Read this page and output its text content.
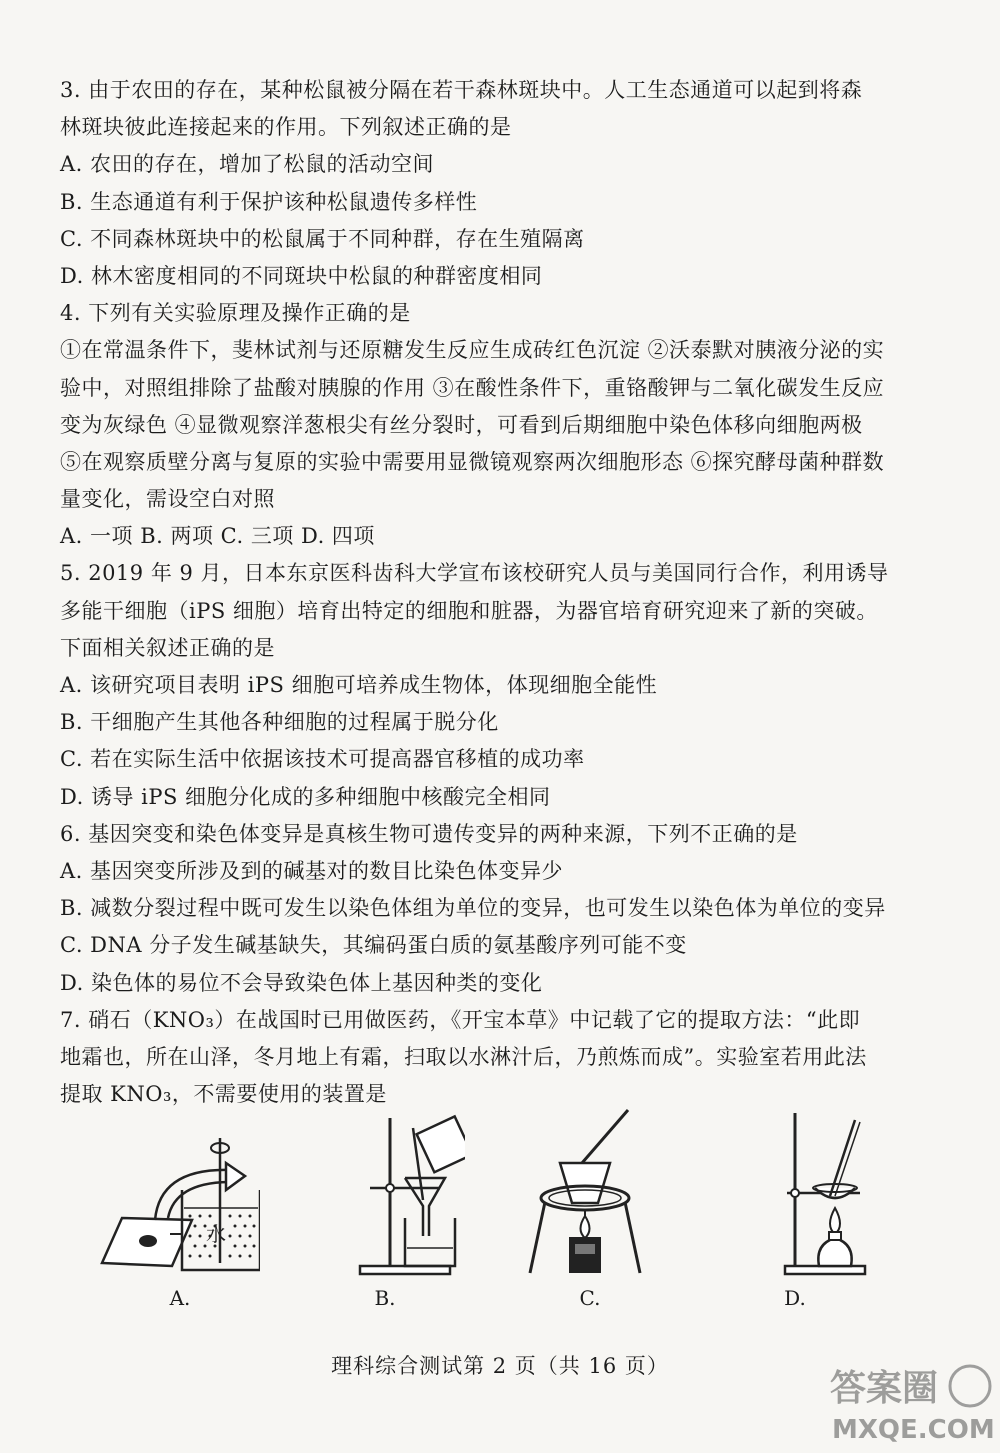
3. 由于农田的存在，某种松鼠被分隔在若干森林斑块中。人工生态通道可以起到将森
林斑块彼此连接起来的作用。下列叙述正确的是
A. 农田的存在，增加了松鼠的活动空间
B. 生态通道有利于保护该种松鼠遗传多样性
C. 不同森林斑块中的松鼠属于不同种群，存在生殖隔离
D. 林木密度相同的不同斑块中松鼠的种群密度相同
4. 下列有关实验原理及操作正确的是
①在常温条件下，斐林试剂与还原糖发生反应生成砖红色沉淀 ②沃泰默对胰液分泌的实
验中，对照组排除了盐酸对胰腺的作用 ③在酸性条件下，重铬酸钾与二氧化碳发生反应
变为灰绿色 ④显微观察洋葱根尖有丝分裂时，可看到后期细胞中染色体移向细胞两极
⑤在观察质壁分离与复原的实验中需要用显微镜观察两次细胞形态 ⑥探究酵母菌种群数
量变化，需设空白对照
A. 一项 B. 两项 C. 三项 D. 四项
5. 2019 年 9 月，日本东京医科齿科大学宣布该校研究人员与美国同行合作，利用诱导
多能干细胞（iPS 细胞）培育出特定的细胞和脏器，为器官培育研究迎来了新的突破。
下面相关叙述正确的是
A. 该研究项目表明 iPS 细胞可培养成生物体，体现细胞全能性
B. 干细胞产生其他各种细胞的过程属于脱分化
C. 若在实际生活中依据该技术可提高器官移植的成功率
D. 诱导 iPS 细胞分化成的多种细胞中核酸完全相同
6. 基因突变和染色体变异是真核生物可遗传变异的两种来源，下列不正确的是
A. 基因突变所涉及到的碱基对的数目比染色体变异少
B. 减数分裂过程中既可发生以染色体组为单位的变异，也可发生以染色体为单位的变异
C. DNA 分子发生碱基缺失，其编码蛋白质的氨基酸序列可能不变
D. 染色体的易位不会导致染色体上基因种类的变化
7. 硝石（KNO₃）在战国时已用做医药，《开宝本草》中记载了它的提取方法：“此即
地霜也，所在山泽，冬月地上有霜，扫取以水淋汁后，乃煎炼而成”。实验室若用此法
提取 KNO₃，不需要使用的装置是
水
A.	B.	C.	D.
理科综合测试第 2 页（共 16 页）
答案圈
MXQE.COM
